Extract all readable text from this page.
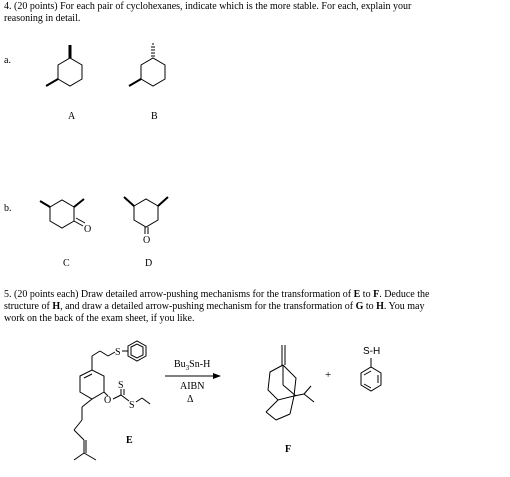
4. (20 points) For each pair of cyclohexanes, indicate which is the more stable. For each, explain your
reasoning in detail.
a.
b.
A	B
C	D
5. (20 points each) Draw detailed arrow-pushing mechanisms for the transformation of E to F. Deduce the
structure of H, and draw a detailed arrow-pushing mechanism for the transformation of G to H. You may
work on the back of the exam sheet, if you like.
E
F
$Bu_3Sn-H$
AIBN
Δ
+
S-H
O
O
S
S
S
O
